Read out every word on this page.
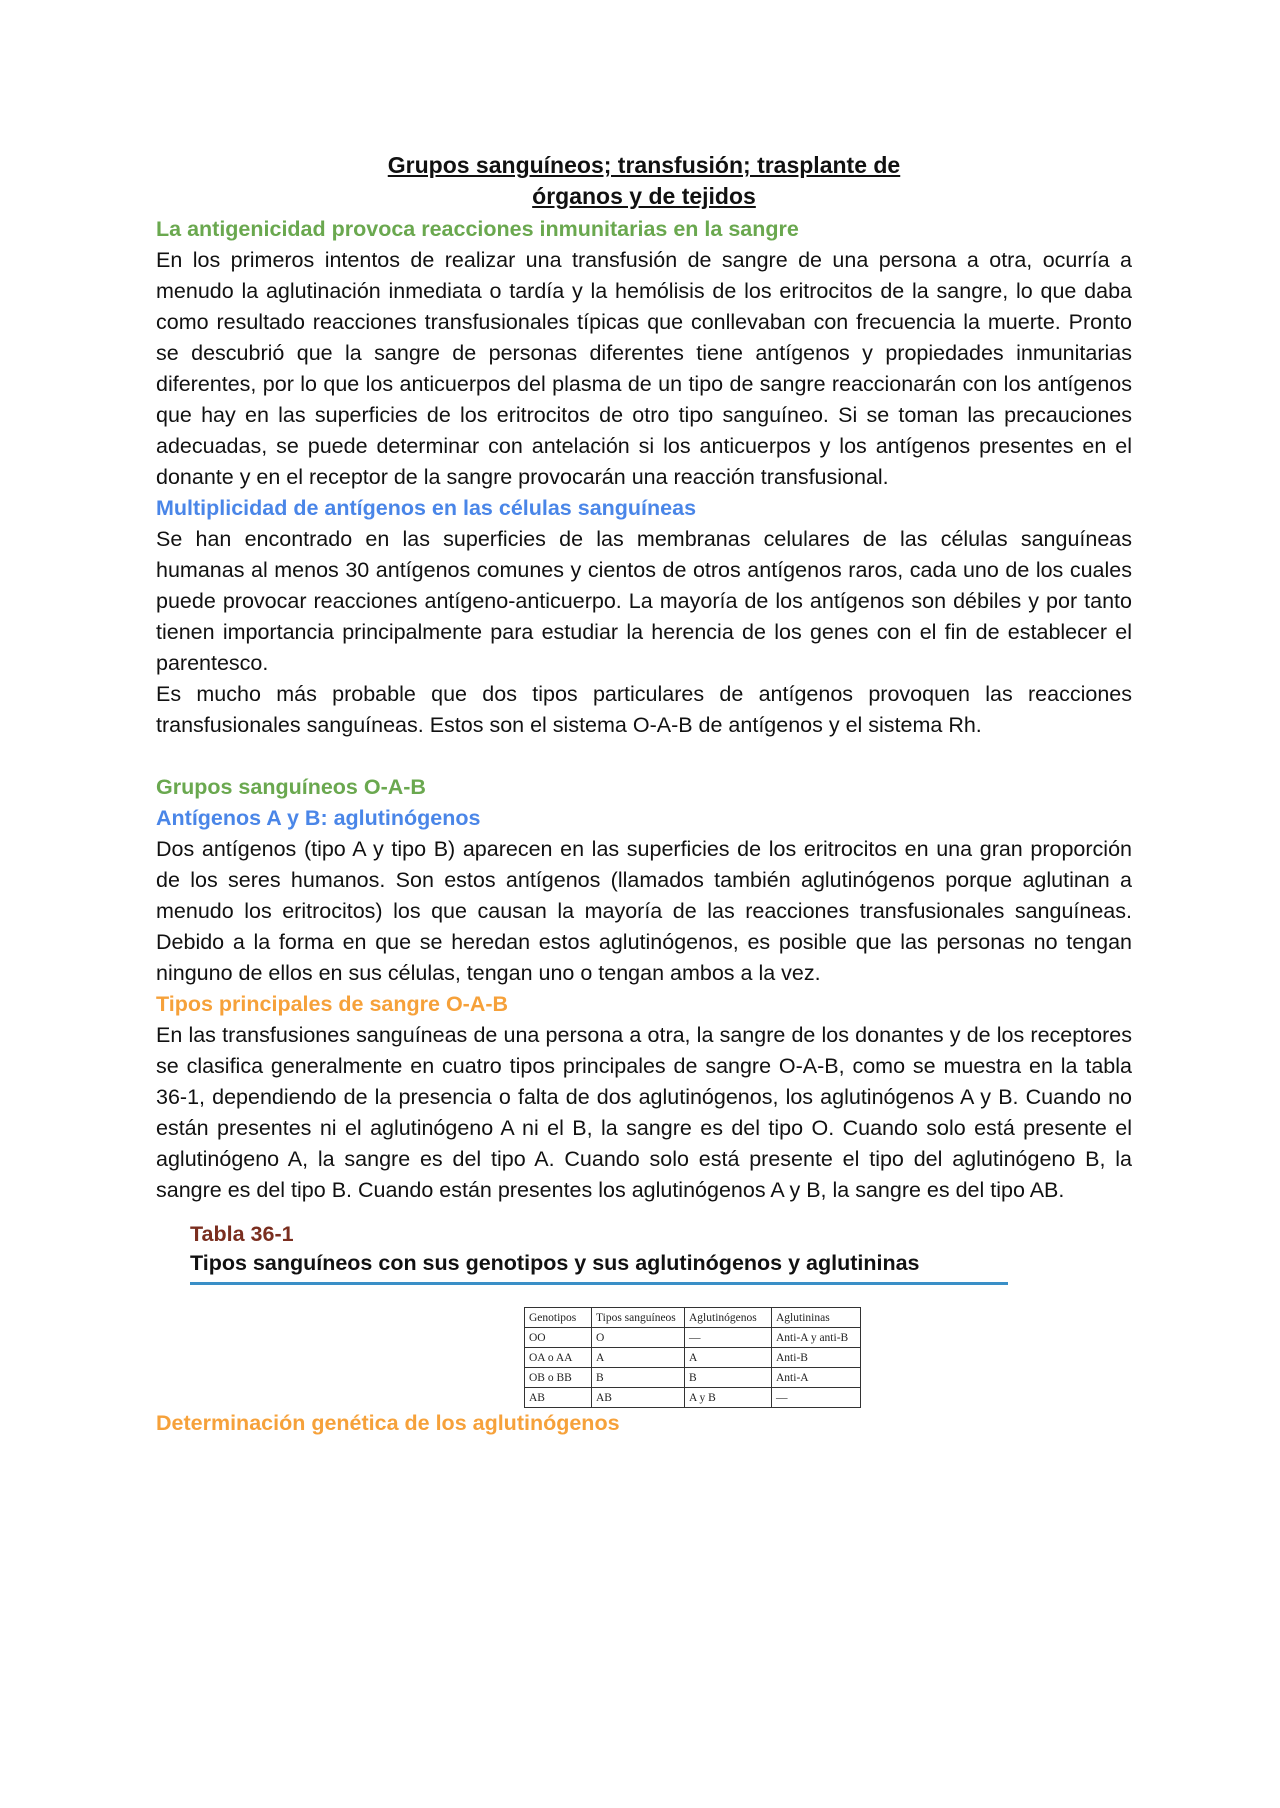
Grupos sanguíneos; transfusión; trasplante de
órganos y de tejidos
La antigenicidad provoca reacciones inmunitarias en la sangre

En los primeros intentos de realizar una transfusión de sangre de una persona a otra, ocurría a menudo la aglutinación inmediata o tardía y la hemólisis de los eritrocitos de la sangre, lo que daba como resultado reacciones transfusionales típicas que conllevaban con frecuencia la muerte. Pronto se descubrió que la sangre de personas diferentes tiene antígenos y propiedades inmunitarias diferentes, por lo que los anticuerpos del plasma de un tipo de sangre reaccionarán con los antígenos que hay en las superficies de los eritrocitos de otro tipo sanguíneo. Si se toman las precauciones adecuadas, se puede determinar con antelación si los anticuerpos y los antígenos presentes en el donante y en el receptor de la sangre provocarán una reacción transfusional.

Multiplicidad de antígenos en las células sanguíneas

Se han encontrado en las superficies de las membranas celulares de las células sanguíneas humanas al menos 30 antígenos comunes y cientos de otros antígenos raros, cada uno de los cuales puede provocar reacciones antígeno-anticuerpo. La mayoría de los antígenos son débiles y por tanto tienen importancia principalmente para estudiar la herencia de los genes con el fin de establecer el parentesco.

Es mucho más probable que dos tipos particulares de antígenos provoquen las reacciones transfusionales sanguíneas. Estos son el sistema O-A-B de antígenos y el sistema Rh.

Grupos sanguíneos O-A-B
Antígenos A y B: aglutinógenos

Dos antígenos (tipo A y tipo B) aparecen en las superficies de los eritrocitos en una gran proporción de los seres humanos. Son estos antígenos (llamados también aglutinógenos porque aglutinan a menudo los eritrocitos) los que causan la mayoría de las reacciones transfusionales sanguíneas. Debido a la forma en que se heredan estos aglutinógenos, es posible que las personas no tengan ninguno de ellos en sus células, tengan uno o tengan ambos a la vez.

Tipos principales de sangre O-A-B

En las transfusiones sanguíneas de una persona a otra, la sangre de los donantes y de los receptores se clasifica generalmente en cuatro tipos principales de sangre O-A-B, como se muestra en la tabla 36-1, dependiendo de la presencia o falta de dos aglutinógenos, los aglutinógenos A y B. Cuando no están presentes ni el aglutinógeno A ni el B, la sangre es del tipo O. Cuando solo está presente el aglutinógeno A, la sangre es del tipo A. Cuando solo está presente el tipo del aglutinógeno B, la sangre es del tipo B. Cuando están presentes los aglutinógenos A y B, la sangre es del tipo AB.

Tabla 36-1
Tipos sanguíneos con sus genotipos y sus aglutinógenos y aglutininas
Genotipos	Tipos sanguíneos	Aglutinógenos	Aglutininas
OO	O	—	Anti-A y anti-B
OA o AA	A	A	Anti-B
OB o BB	B	B	Anti-A
AB	AB	A y B	—
Determinación genética de los aglutinógenos
